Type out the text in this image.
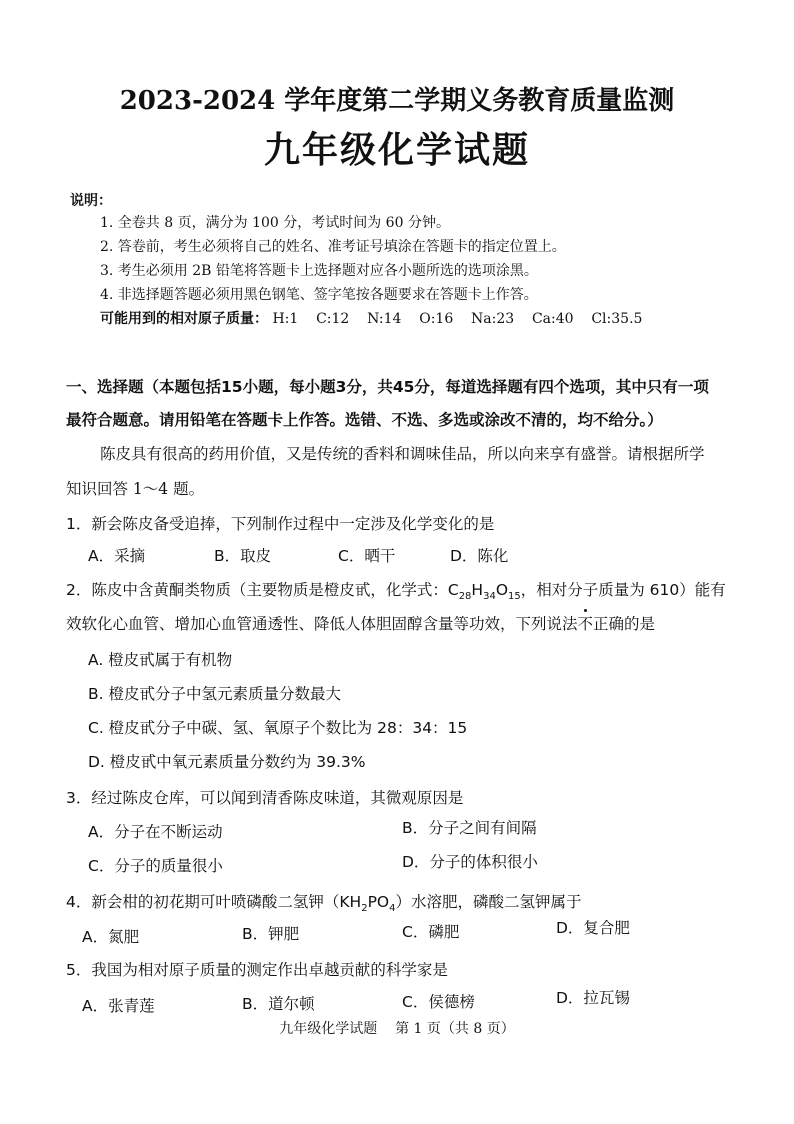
2023-2024 学年度第二学期义务教育质量监测
九年级化学试题
说明：
1. 全卷共 8 页，满分为 100 分，考试时间为 60 分钟。
2. 答卷前，考生必须将自己的姓名、准考证号填涂在答题卡的指定位置上。
3. 考生必须用 2B 铅笔将答题卡上选择题对应各小题所选的选项涂黑。
4. 非选择题答题必须用黑色钢笔、签字笔按各题要求在答题卡上作答。
可能用到的相对原子质量： H:1    C:12    N:14    O:16    Na:23    Ca:40    Cl:35.5
一、选择题（本题包括15小题，每小题3分，共45分，每道选择题有四个选项，其中只有一项
最符合题意。请用铅笔在答题卡上作答。选错、不选、多选或涂改不清的，均不给分。）
陈皮具有很高的药用价值，又是传统的香料和调味佳品，所以向来享有盛誉。请根据所学
知识回答 1～4 题。
1．新会陈皮备受追捧，下列制作过程中一定涉及化学变化的是
A．采摘	B．取皮	C．晒干	D．陈化
2．陈皮中含黄酮类物质（主要物质是橙皮甙，化学式：$C_{28}H_{34}O_{15}$，相对分子质量为 610）能有
效软化心血管、增加心血管通透性、降低人体胆固醇含量等功效，下列说法不正确的是
A. 橙皮甙属于有机物
B. 橙皮甙分子中氢元素质量分数最大
C. 橙皮甙分子中碳、氢、氧原子个数比为 28：34：15
D. 橙皮甙中氧元素质量分数约为 39.3%
3．经过陈皮仓库，可以闻到清香陈皮味道，其微观原因是
A．分子在不断运动	B．分子之间有间隔
C．分子的质量很小	D．分子的体积很小
4．新会柑的初花期可叶喷磷酸二氢钾$(KH_2PO_4)$水溶肥，磷酸二氢钾属于
A．氮肥	B．钾肥	C．磷肥	D．复合肥
5．我国为相对原子质量的测定作出卓越贡献的科学家是
A．张青莲	B．道尔顿	C．侯德榜	D．拉瓦锡
九年级化学试题    第 1 页（共 8 页）
